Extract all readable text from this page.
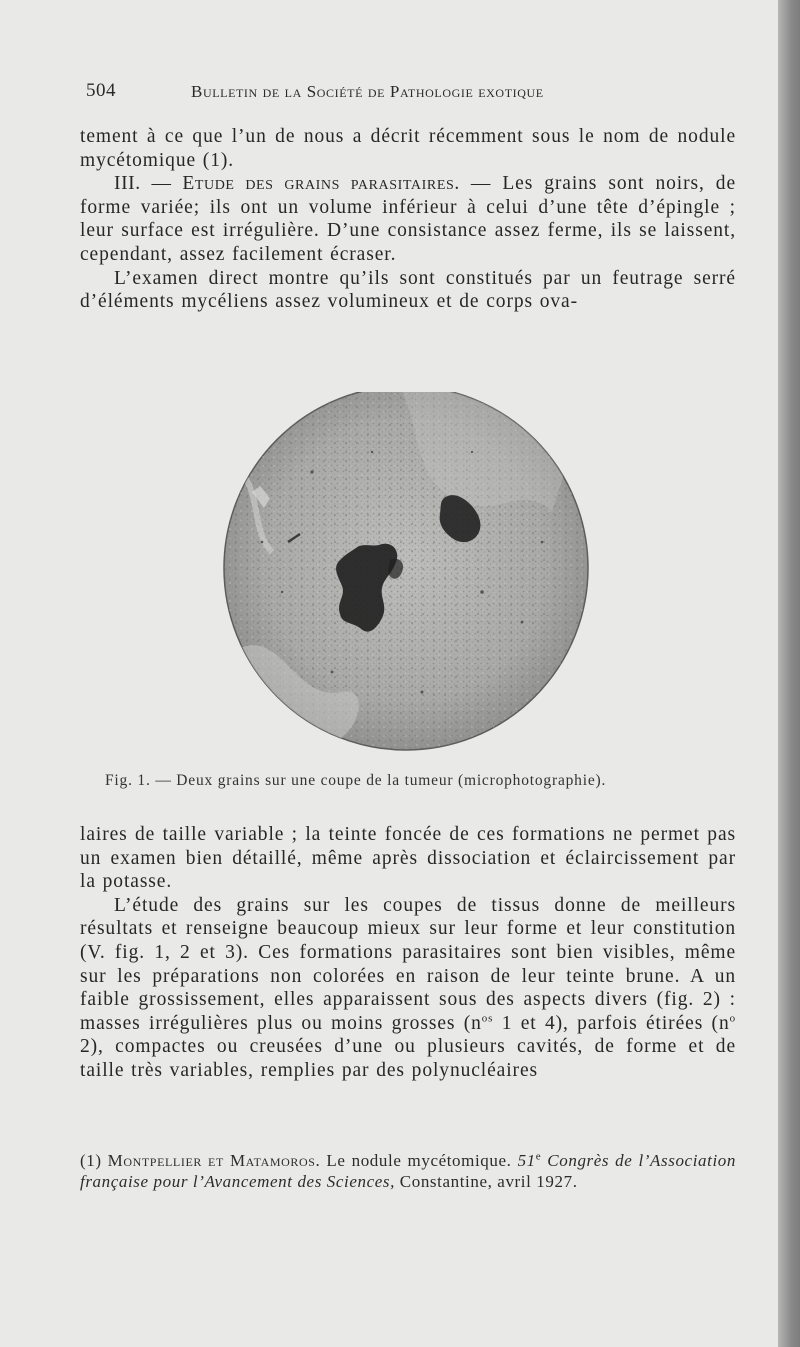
504	Bulletin de la Société de Pathologie exotique

tement à ce que l’un de nous a décrit récemment sous le nom de nodule mycétomique (1).

III. — Etude des grains parasitaires. — Les grains sont noirs, de forme variée; ils ont un volume inférieur à celui d’une tête d’épingle ; leur surface est irrégulière. D’une consistance assez ferme, ils se laissent, cependant, assez facilement écraser.

L’examen direct montre qu’ils sont constitués par un feutrage serré d’éléments mycéliens assez volumineux et de corps ova-

Fig. 1. — Deux grains sur une coupe de la tumeur (microphotographie).

laires de taille variable ; la teinte foncée de ces formations ne permet pas un examen bien détaillé, même après dissociation et éclaircissement par la potasse.

L’étude des grains sur les coupes de tissus donne de meilleurs résultats et renseigne beaucoup mieux sur leur forme et leur constitution (V. fig. 1, 2 et 3). Ces formations parasitaires sont bien visibles, même sur les préparations non colorées en raison de leur teinte brune. A un faible grossissement, elles apparaissent sous des aspects divers (fig. 2) : masses irrégulières plus ou moins grosses ($n^{os}$ 1 et 4), parfois étirées ($n^o$ 2), compactes ou creusées d’une ou plusieurs cavités, de forme et de taille très variables, remplies par des polynucléaires

(1) Montpellier et Matamoros. Le nodule mycétomique. 51e Congrès de l’Association française pour l’Avancement des Sciences, Constantine, avril 1927.
